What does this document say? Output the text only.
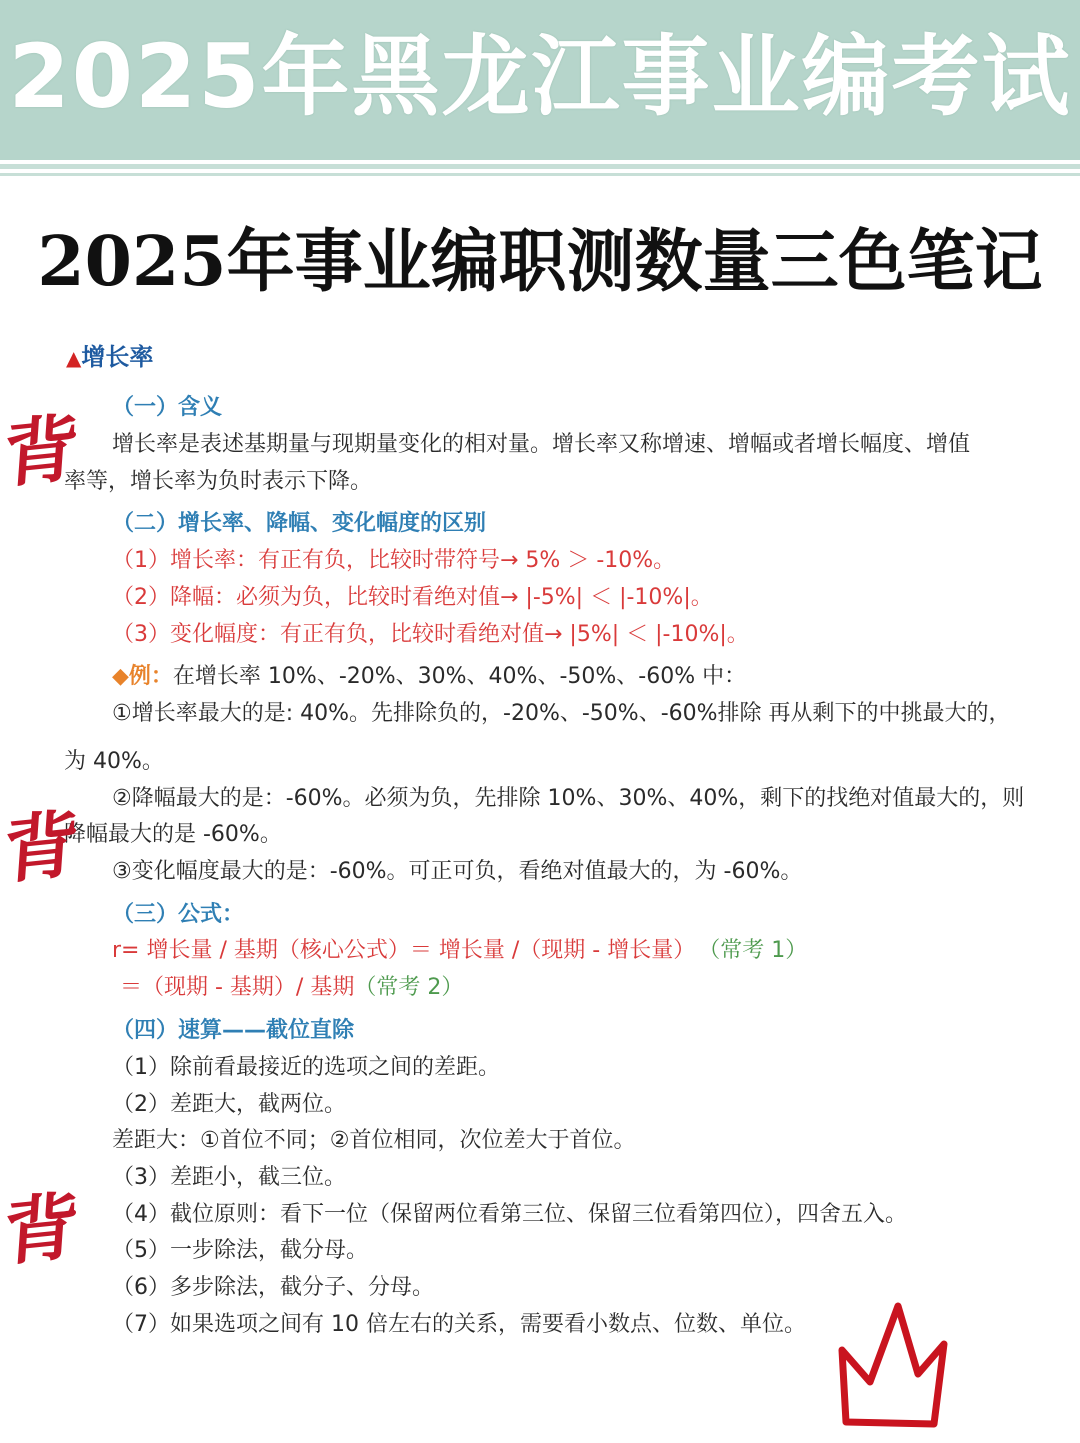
2025年黑龙江事业编考试
2025年事业编职测数量三色笔记
▲增长率
（一）含义
增长率是表述基期量与现期量变化的相对量。增长率又称增速、增幅或者增长幅度、增值
率等，增长率为负时表示下降。
（二）增长率、降幅、变化幅度的区别
（1）增长率：有正有负，比较时带符号→ 5% ＞ -10%。
（2）降幅：必须为负，比较时看绝对值→ |-5%| ＜ |-10%|。
（3）变化幅度：有正有负，比较时看绝对值→ |5%| ＜ |-10%|。
◆例：在增长率 10%、-20%、30%、40%、-50%、-60% 中：
①增长率最大的是: 40%。先排除负的，-20%、-50%、-60%排除 再从剩下的中挑最大的，
为 40%。
②降幅最大的是：-60%。必须为负，先排除 10%、30%、40%，剩下的找绝对值最大的，则
降幅最大的是 -60%。
③变化幅度最大的是：-60%。可正可负，看绝对值最大的，为 -60%。
（三）公式：
r= 增长量 / 基期（核心公式）＝ 增长量 /（现期 - 增长量） （常考 1）
＝（现期 - 基期）/ 基期（常考 2）
（四）速算——截位直除
（1）除前看最接近的选项之间的差距。
（2）差距大，截两位。
差距大：①首位不同；②首位相同，次位差大于首位。
（3）差距小，截三位。
（4）截位原则：看下一位（保留两位看第三位、保留三位看第四位），四舍五入。
（5）一步除法，截分母。
（6）多步除法，截分子、分母。
（7）如果选项之间有 10 倍左右的关系，需要看小数点、位数、单位。
背
背
背
